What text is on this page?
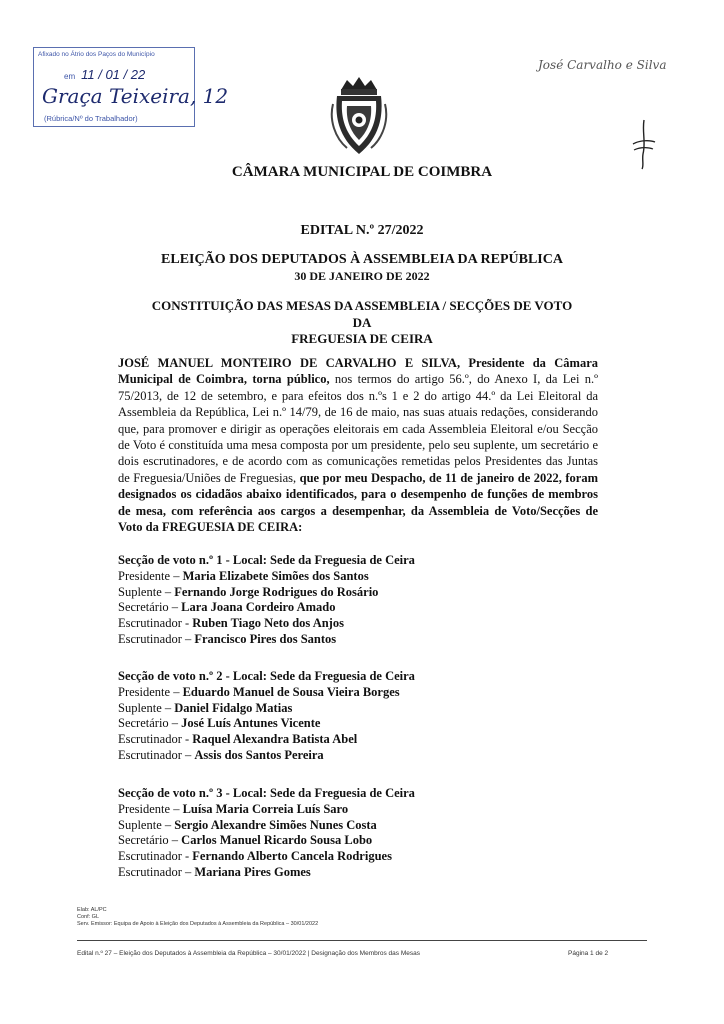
Afixado no Átrio dos Paços do Município
em 11 / 01 / 22
Graça Teixeira, 12
(Rúbrica/Nº do Trabalhador)
José Carvalho e Silva
CÂMARA MUNICIPAL DE COIMBRA
EDITAL N.º 27/2022
ELEIÇÃO DOS DEPUTADOS À ASSEMBLEIA DA REPÚBLICA
30 DE JANEIRO DE 2022
CONSTITUIÇÃO DAS MESAS DA ASSEMBLEIA / SECÇÕES DE VOTO
DA
FREGUESIA DE CEIRA
JOSÉ MANUEL MONTEIRO DE CARVALHO E SILVA, Presidente da Câmara Municipal de Coimbra, torna público, nos termos do artigo 56.º, do Anexo I, da Lei n.º 75/2013, de 12 de setembro, e para efeitos dos n.ºs 1 e 2 do artigo 44.º da Lei Eleitoral da Assembleia da República, Lei n.º 14/79, de 16 de maio, nas suas atuais redações, considerando que, para promover e dirigir as operações eleitorais em cada Assembleia Eleitoral e/ou Secção de Voto é constituída uma mesa composta por um presidente, pelo seu suplente, um secretário e dois escrutinadores, e de acordo com as comunicações remetidas pelos Presidentes das Juntas de Freguesia/Uniões de Freguesias, que por meu Despacho, de 11 de janeiro de 2022, foram designados os cidadãos abaixo identificados, para o desempenho de funções de membros de mesa, com referência aos cargos a desempenhar, da Assembleia de Voto/Secções de Voto da FREGUESIA DE CEIRA:
Secção de voto n.º 1 - Local: Sede da Freguesia de Ceira
Presidente – Maria Elizabete Simões dos Santos
Suplente – Fernando Jorge Rodrigues do Rosário
Secretário – Lara Joana Cordeiro Amado
Escrutinador - Ruben Tiago Neto dos Anjos
Escrutinador – Francisco Pires dos Santos
Secção de voto n.º 2 - Local: Sede da Freguesia de Ceira
Presidente – Eduardo Manuel de Sousa Vieira Borges
Suplente – Daniel Fidalgo Matias
Secretário – José Luís Antunes Vicente
Escrutinador - Raquel Alexandra Batista Abel
Escrutinador – Assis dos Santos Pereira
Secção de voto n.º 3 - Local: Sede da Freguesia de Ceira
Presidente – Luísa Maria Correia Luís Saro
Suplente – Sergio Alexandre Simões Nunes Costa
Secretário – Carlos Manuel Ricardo Sousa Lobo
Escrutinador - Fernando Alberto Cancela Rodrigues
Escrutinador – Mariana Pires Gomes
Elab: AL/PC
Conf: GL
Serv. Emissor: Equipa de Apoio à Eleição dos Deputados à Assembleia da República – 30/01/2022
Edital n.º 27 – Eleição dos Deputados à Assembleia da República – 30/01/2022 | Designação dos Membros das Mesas	Página 1 de 2
